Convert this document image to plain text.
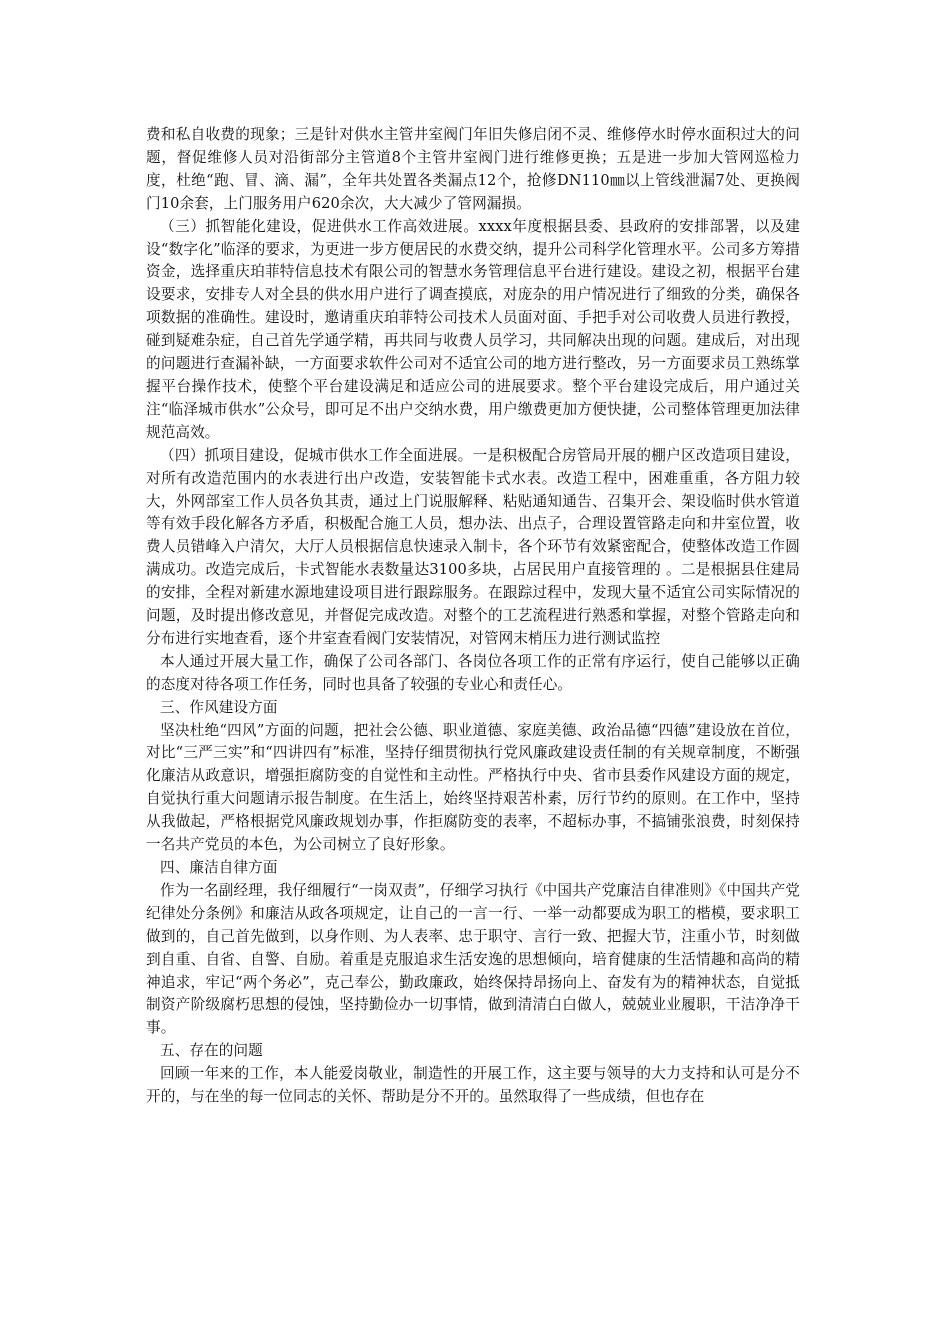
费和私自收费的现象；三是针对供水主管井室阀门年旧失修启闭不灵、维修停水时停水面积过大的问题，督促维修人员对沿街部分主管道8个主管井室阀门进行维修更换；五是进一步加大管网巡检力度，杜绝“跑、冒、滴、漏”，全年共处置各类漏点12个，抢修DN110㎜以上管线泄漏7处、更换阀门10余套，上门服务用户620余次，大大减少了管网漏损。

（三）抓智能化建设，促进供水工作高效进展。xxxx年度根据县委、县政府的安排部署，以及建设“数字化”临泽的要求，为更进一步方便居民的水费交纳，提升公司科学化管理水平。公司多方筹措资金，选择重庆珀菲特信息技术有限公司的智慧水务管理信息平台进行建设。建设之初，根据平台建设要求，安排专人对全县的供水用户进行了调查摸底，对庞杂的用户情况进行了细致的分类，确保各项数据的准确性。建设时，邀请重庆珀菲特公司技术人员面对面、手把手对公司收费人员进行教授，碰到疑难杂症，自己首先学通学精，再共同与收费人员学习，共同解决出现的问题。建成后，对出现的问题进行查漏补缺，一方面要求软件公司对不适宜公司的地方进行整改，另一方面要求员工熟练掌握平台操作技术，使整个平台建设满足和适应公司的进展要求。整个平台建设完成后，用户通过关注“临泽城市供水”公众号，即可足不出户交纳水费，用户缴费更加方便快捷，公司整体管理更加法律规范高效。

（四）抓项目建设，促城市供水工作全面进展。一是积极配合房管局开展的棚户区改造项目建设，对所有改造范围内的水表进行出户改造，安装智能卡式水表。改造工程中，困难重重，各方阻力较大，外网部室工作人员各负其责，通过上门说服解释、粘贴通知通告、召集开会、架设临时供水管道等有效手段化解各方矛盾，积极配合施工人员，想办法、出点子，合理设置管路走向和井室位置，收费人员错峰入户清欠，大厅人员根据信息快速录入制卡，各个环节有效紧密配合，使整体改造工作圆满成功。改造完成后，卡式智能水表数量达3100多块，占居民用户直接管理的 。二是根据县住建局的安排，全程对新建水源地建设项目进行跟踪服务。在跟踪过程中，发现大量不适宜公司实际情况的问题，及时提出修改意见，并督促完成改造。对整个的工艺流程进行熟悉和掌握，对整个管路走向和分布进行实地查看，逐个井室查看阀门安装情况，对管网末梢压力进行测试监控

本人通过开展大量工作，确保了公司各部门、各岗位各项工作的正常有序运行，使自己能够以正确的态度对待各项工作任务，同时也具备了较强的专业心和责任心。

三、作风建设方面

坚决杜绝“四风”方面的问题，把社会公德、职业道德、家庭美德、政治品德“四德”建设放在首位，对比“三严三实”和“四讲四有”标准，坚持仔细贯彻执行党风廉政建设责任制的有关规章制度，不断强化廉洁从政意识，增强拒腐防变的自觉性和主动性。严格执行中央、省市县委作风建设方面的规定，自觉执行重大问题请示报告制度。在生活上，始终坚持艰苦朴素，厉行节约的原则。在工作中，坚持从我做起，严格根据党风廉政规划办事，作拒腐防变的表率，不超标办事，不搞铺张浪费，时刻保持一名共产党员的本色，为公司树立了良好形象。

四、廉洁自律方面

作为一名副经理，我仔细履行“一岗双责”，仔细学习执行《中国共产党廉洁自律准则》《中国共产党纪律处分条例》和廉洁从政各项规定，让自己的一言一行、一举一动都要成为职工的楷模，要求职工做到的，自己首先做到，以身作则、为人表率、忠于职守、言行一致、把握大节，注重小节，时刻做到自重、自省、自警、自励。着重是克服追求生活安逸的思想倾向，培育健康的生活情趣和高尚的精神追求，牢记“两个务必”，克己奉公，勤政廉政，始终保持昂扬向上、奋发有为的精神状态，自觉抵制资产阶级腐朽思想的侵蚀，坚持勤俭办一切事情，做到清清白白做人，兢兢业业履职，干洁净净干事。

五、存在的问题

回顾一年来的工作，本人能爱岗敬业，制造性的开展工作，这主要与领导的大力支持和认可是分不开的，与在坐的每一位同志的关怀、帮助是分不开的。虽然取得了一些成绩，但也存在
